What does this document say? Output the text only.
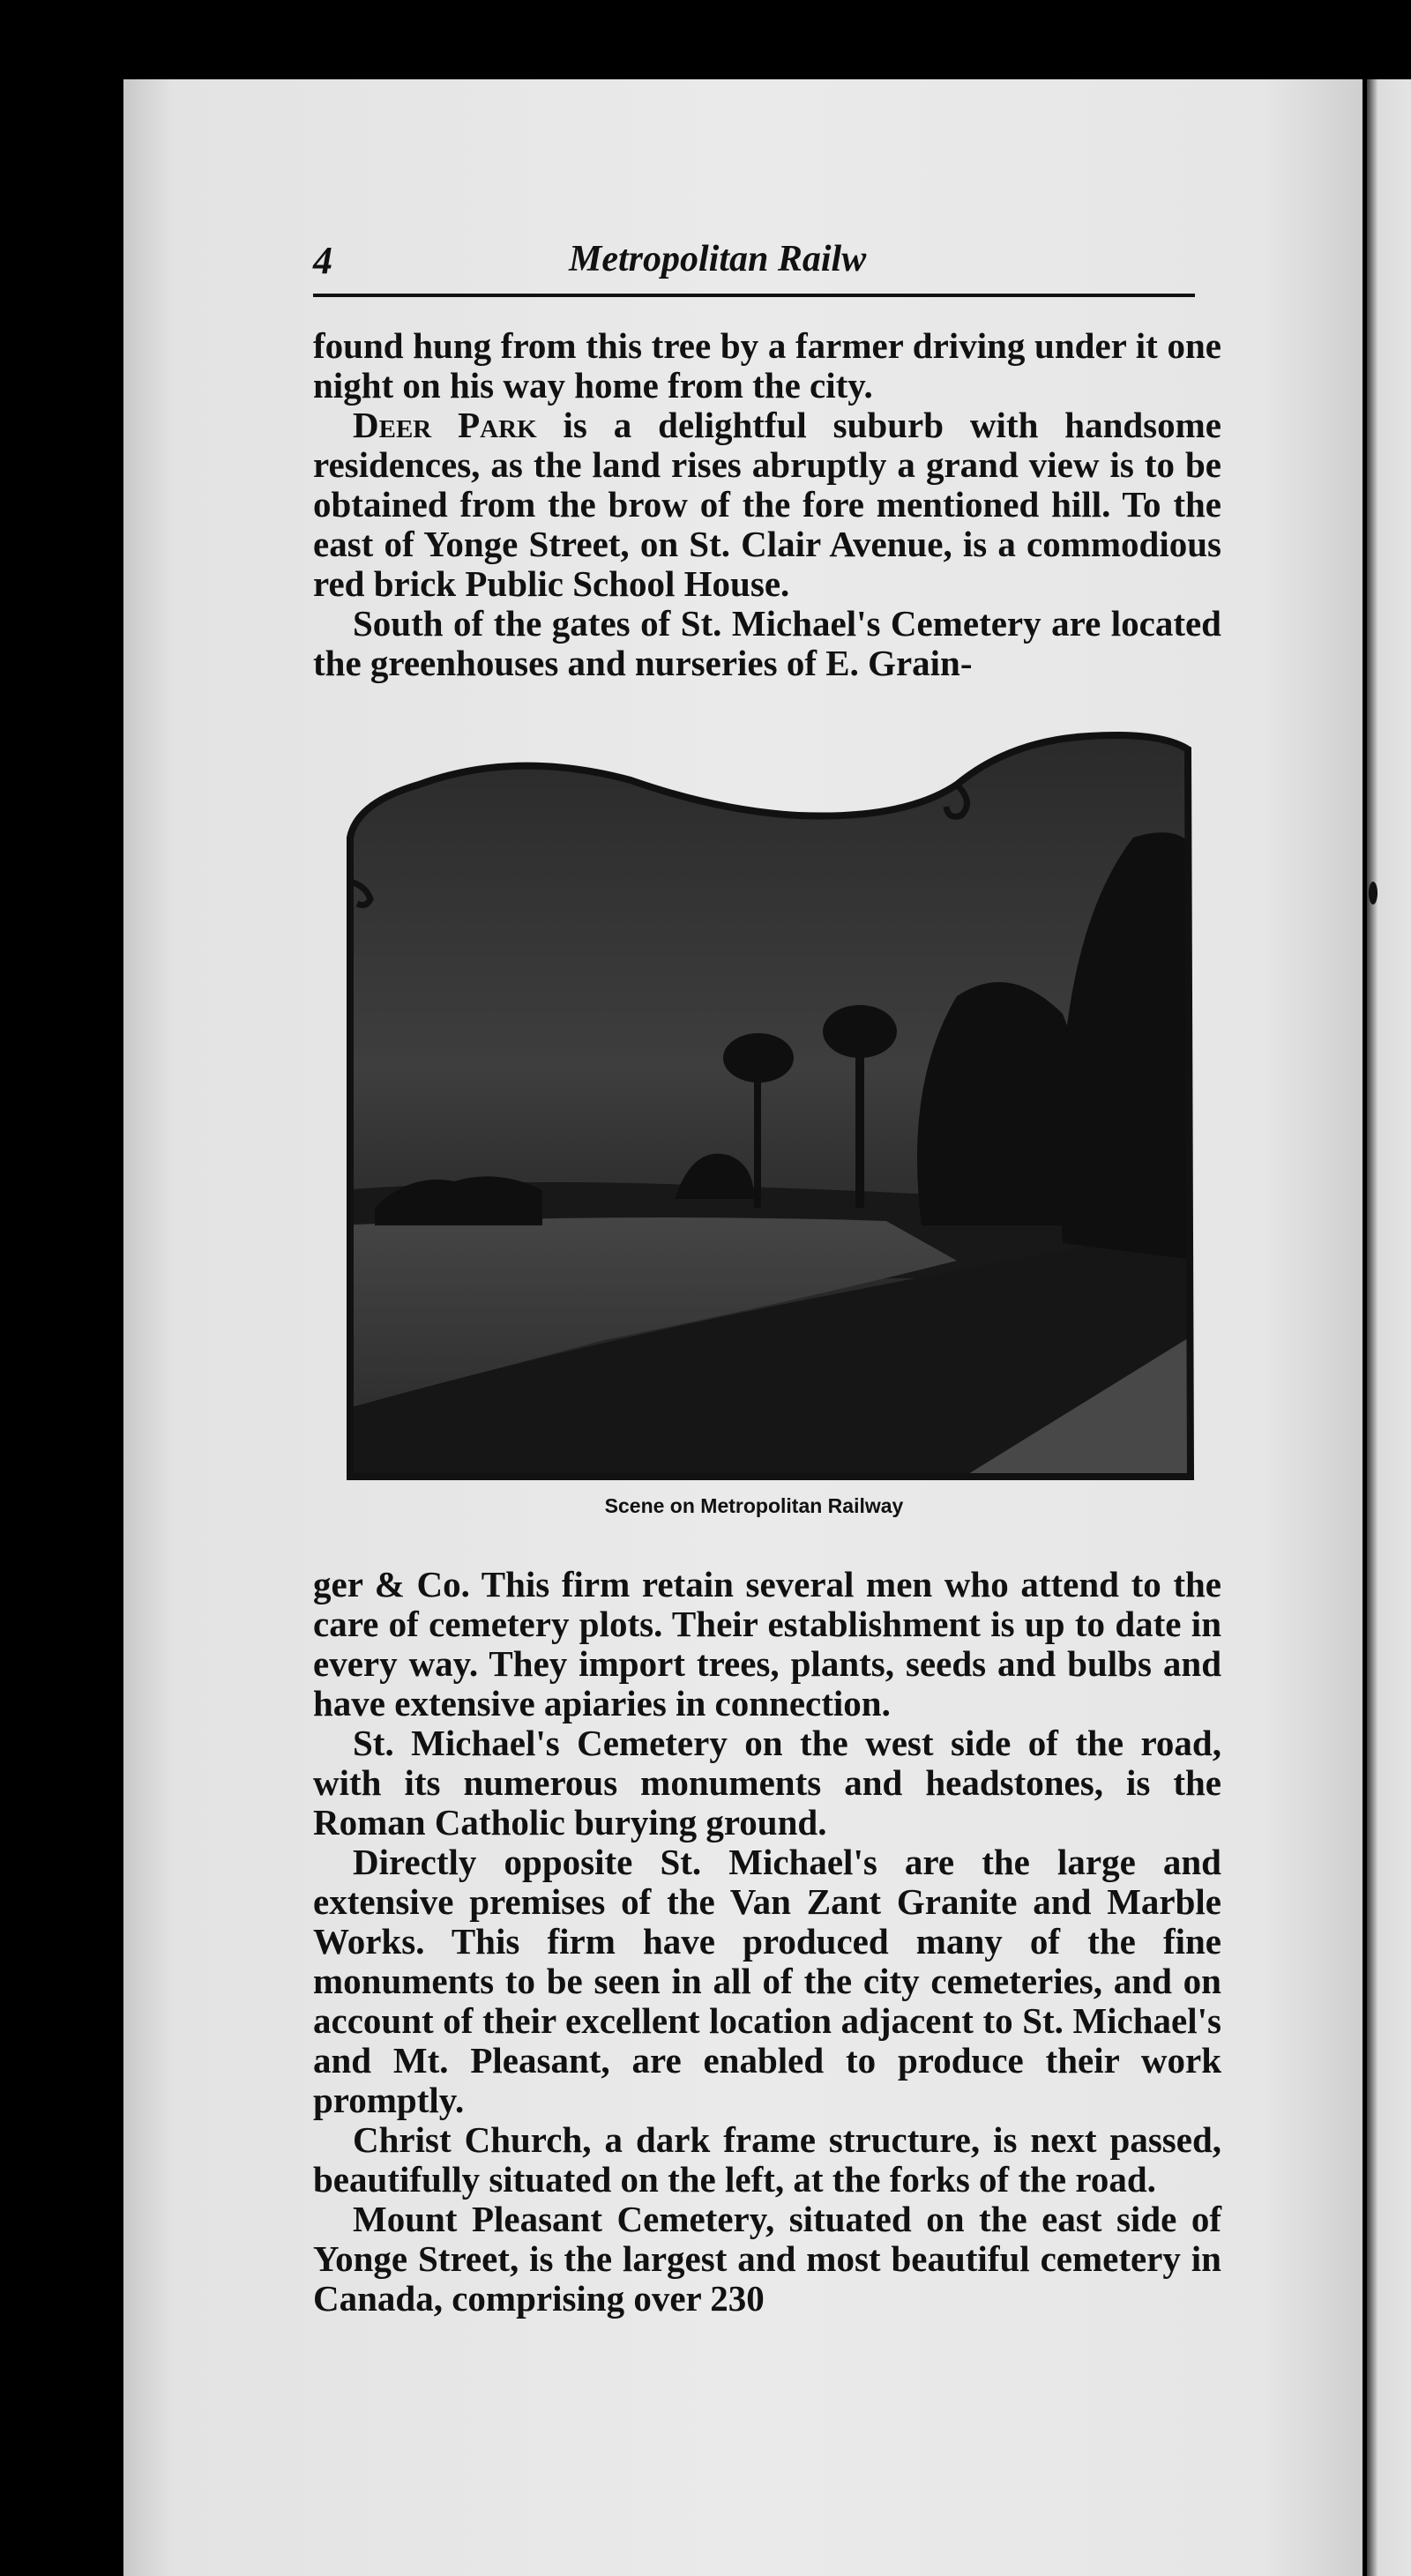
4	Metropolitan Railw

found hung from this tree by a farmer driving under it one night on his way home from the city.

Deer Park is a delightful suburb with handsome residences, as the land rises abruptly a grand view is to be obtained from the brow of the fore mentioned hill. To the east of Yonge Street, on St. Clair Avenue, is a commodious red brick Public School House.

South of the gates of St. Michael's Cemetery are located the greenhouses and nurseries of E. Grain-

Scene on Metropolitan Railway

ger & Co. This firm retain several men who attend to the care of cemetery plots. Their establishment is up to date in every way. They import trees, plants, seeds and bulbs and have extensive apiaries in connection.

St. Michael's Cemetery on the west side of the road, with its numerous monuments and headstones, is the Roman Catholic burying ground.

Directly opposite St. Michael's are the large and extensive premises of the Van Zant Granite and Marble Works. This firm have produced many of the fine monuments to be seen in all of the city cemeteries, and on account of their excellent location adjacent to St. Michael's and Mt. Pleasant, are enabled to produce their work promptly.

Christ Church, a dark frame structure, is next passed, beautifully situated on the left, at the forks of the road.

Mount Pleasant Cemetery, situated on the east side of Yonge Street, is the largest and most beautiful cemetery in Canada, comprising over 230
